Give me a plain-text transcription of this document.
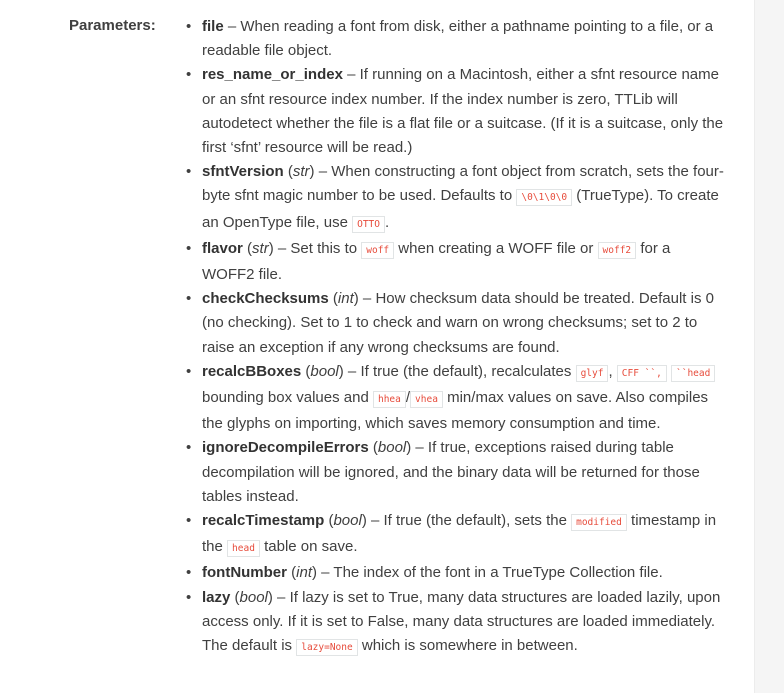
Parameters:
•	file – When reading a font from disk, either a pathname pointing to a file, or a readable file object.
• res_name_or_index – If running on a Macintosh, either a sfnt resource name or an sfnt resource index number. If the index number is zero, TTLib will autodetect whether the file is a flat file or a suitcase. (If it is a suitcase, only the first ‘sfnt’ resource will be read.)
• sfntVersion (str) – When constructing a font object from scratch, sets the four-byte sfnt magic number to be used. Defaults to \0\1\0\0 (TrueType). To create an OpenType file, use OTTO .
• flavor (str) – Set this to woff when creating a WOFF file or woff2 for a WOFF2 file.
• checkChecksums (int) – How checksum data should be treated. Default is 0 (no checking). Set to 1 to check and warn on wrong checksums; set to 2 to raise an exception if any wrong checksums are found.
• recalcBBoxes (bool) – If true (the default), recalculates glyf , CFF ``, ``head bounding box values and hhea / vhea min/max values on save. Also compiles the glyphs on importing, which saves memory consumption and time.
• ignoreDecompileErrors (bool) – If true, exceptions raised during table decompilation will be ignored, and the binary data will be returned for those tables instead.
• recalcTimestamp (bool) – If true (the default), sets the modified timestamp in the head table on save.
• fontNumber (int) – The index of the font in a TrueType Collection file.
• lazy (bool) – If lazy is set to True, many data structures are loaded lazily, upon access only. If it is set to False, many data structures are loaded immediately. The default is lazy=None which is somewhere in between.
